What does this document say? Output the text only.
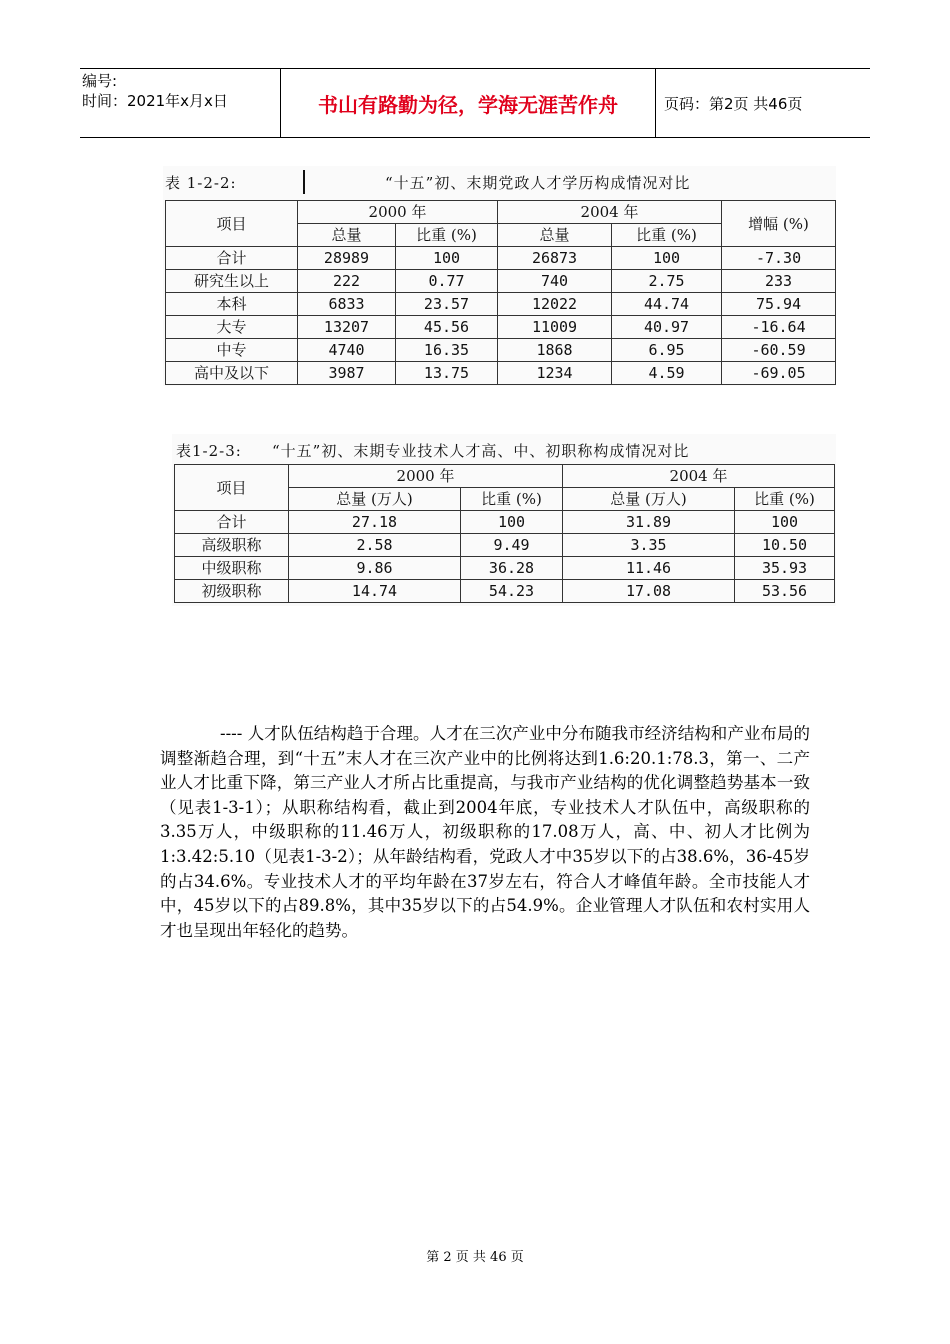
编号:
时间：2021年x月x日	书山有路勤为径，学海无涯苦作舟	页码：第2页 共46页
表 1-2-2:	“十五”初、末期党政人才学历构成情况对比
项目	2000 年		2004 年		增幅 (%)
	总量	比重 (%)	总量	比重 (%)	
合计	28989	100	26873	100	-7.30
研究生以上	222	0.77	740	2.75	233
本科	6833	23.57	12022	44.74	75.94
大专	13207	45.56	11009	40.97	-16.64
中专	4740	16.35	1868	6.95	-60.59
高中及以下	3987	13.75	1234	4.59	-69.05
表1-2-3: “十五”初、末期专业技术人才高、中、初职称构成情况对比
项目	2000 年		2004 年	
	总量 (万人)	比重 (%)	总量 (万人)	比重 (%)
合计	27.18	100	31.89	100
高级职称	2.58	9.49	3.35	10.50
中级职称	9.86	36.28	11.46	35.93
初级职称	14.74	54.23	17.08	53.56
---- 人才队伍结构趋于合理。人才在三次产业中分布随我市经济结构和产业布局的调整渐趋合理，到“十五”末人才在三次产业中的比例将达到1.6:20.1:78.3，第一、二产业人才比重下降，第三产业人才所占比重提高，与我市产业结构的优化调整趋势基本一致（见表1-3-1）；从职称结构看，截止到2004年底，专业技术人才队伍中，高级职称的3.35万人，中级职称的11.46万人，初级职称的17.08万人，高、中、初人才比例为1:3.42:5.10（见表1-3-2）；从年龄结构看，党政人才中35岁以下的占38.6%，36-45岁的占34.6%。专业技术人才的平均年龄在37岁左右，符合人才峰值年龄。全市技能人才中，45岁以下的占89.8%，其中35岁以下的占54.9%。企业管理人才队伍和农村实用人才也呈现出年轻化的趋势。
第 2 页 共 46 页
